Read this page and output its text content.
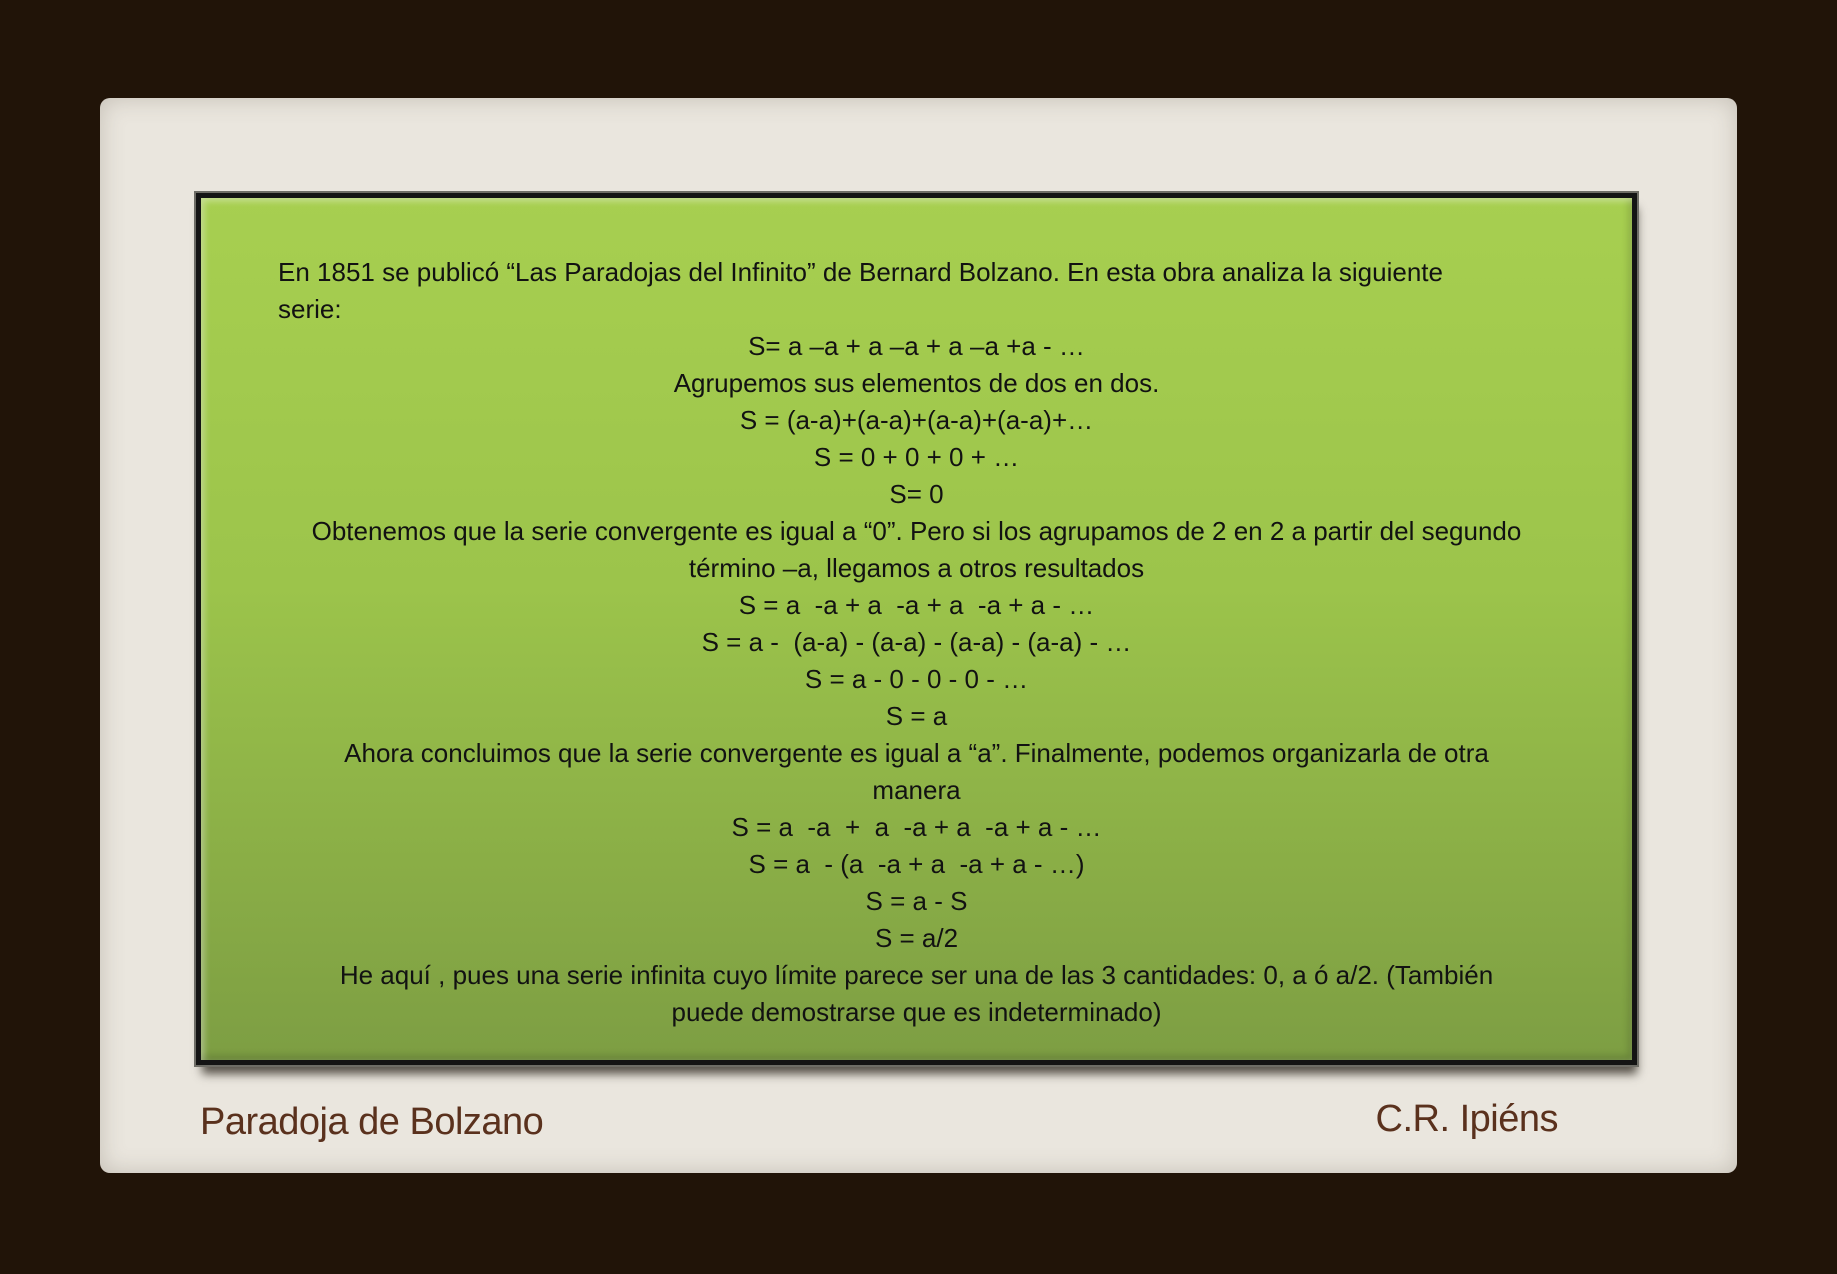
En 1851 se publicó “Las Paradojas del Infinito” de Bernard Bolzano. En esta obra analiza la siguiente
serie:
S= a –a + a –a + a –a +a - …
Agrupemos sus elementos de dos en dos.
S = (a-a)+(a-a)+(a-a)+(a-a)+…
S = 0 + 0 + 0 + …
S= 0
Obtenemos que la serie convergente es igual a “0”. Pero si los agrupamos de 2 en 2 a partir del segundo
término –a, llegamos a otros resultados
S = a  -a + a  -a + a  -a + a - …
S = a -  (a-a) - (a-a) - (a-a) - (a-a) - …
S = a - 0 - 0 - 0 - …
S = a
Ahora concluimos que la serie convergente es igual a “a”. Finalmente, podemos organizarla de otra
manera
S = a  -a  +  a  -a + a  -a + a - …
S = a  - (a  -a + a  -a + a - …)
S = a - S
S = a/2
He aquí , pues una serie infinita cuyo límite parece ser una de las 3 cantidades: 0, a ó a/2. (También
puede demostrarse que es indeterminado)
Paradoja de Bolzano	C.R. Ipiéns
